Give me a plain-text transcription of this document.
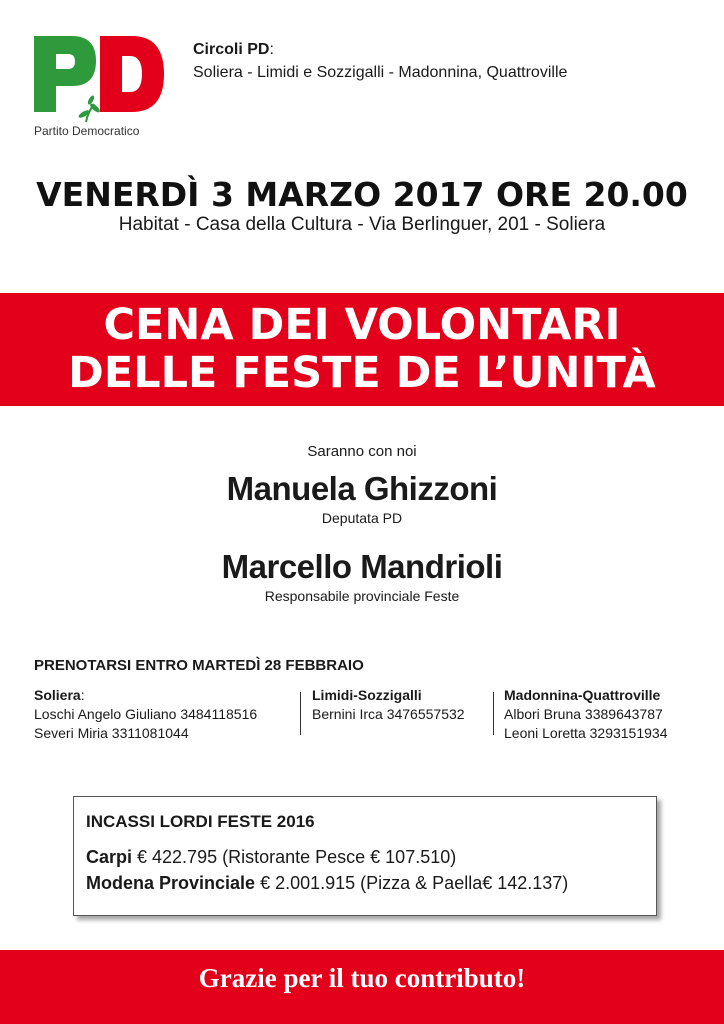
Partito Democratico
Circoli PD:
Soliera - Limidi e Sozzigalli - Madonnina, Quattroville
VENERDÌ 3 MARZO 2017 ORE 20.00
Habitat - Casa della Cultura - Via Berlinguer, 201 - Soliera
CENA DEI VOLONTARI
DELLE FESTE DE L’UNITÀ
Saranno con noi
Manuela Ghizzoni
Deputata PD
Marcello Mandrioli
Responsabile provinciale Feste
PRENOTARSI ENTRO MARTEDÌ 28 FEBBRAIO
Soliera:
Loschi Angelo Giuliano 3484118516
Severi Miria 3311081044
Limidi-Sozzigalli
Bernini Irca 3476557532
Madonnina-Quattroville
Albori Bruna 3389643787
Leoni Loretta 3293151934
INCASSI LORDI FESTE 2016
Carpi € 422.795 (Ristorante Pesce € 107.510)
Modena Provinciale € 2.001.915 (Pizza & Paella€ 142.137)
Grazie per il tuo contributo!
